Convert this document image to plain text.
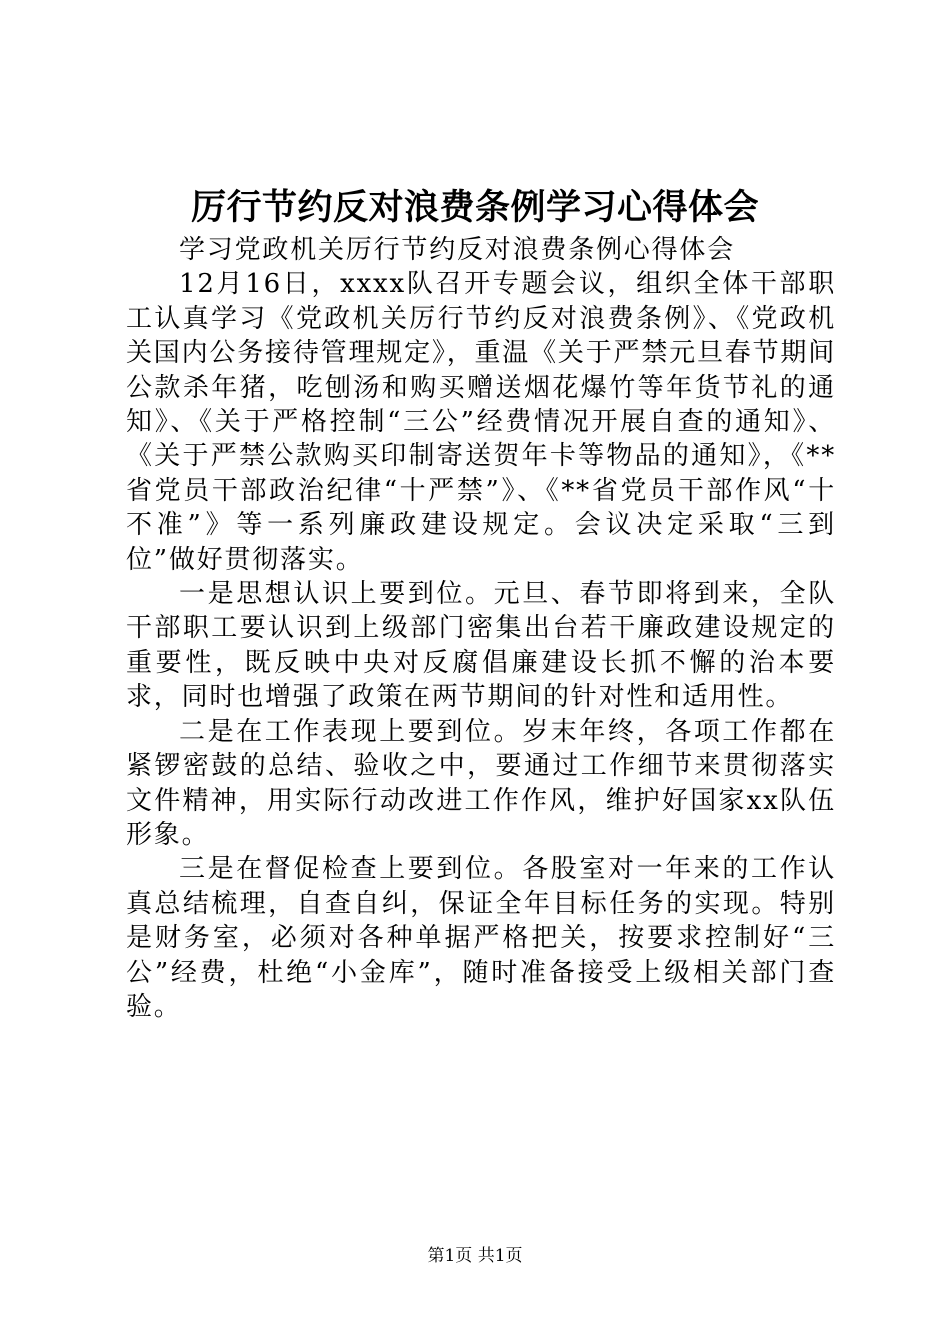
厉行节约反对浪费条例学习心得体会

学习党政机关厉行节约反对浪费条例心得体会

12月16日，xxxx队召开专题会议，组织全体干部职工认真学习《党政机关厉行节约反对浪费条例》、《党政机关国内公务接待管理规定》，重温《关于严禁元旦春节期间公款杀年猪，吃刨汤和购买赠送烟花爆竹等年货节礼的通知》、《关于严格控制“三公”经费情况开展自查的通知》、《关于严禁公款购买印制寄送贺年卡等物品的通知》，《**省党员干部政治纪律“十严禁”》、《**省党员干部作风“十不准”》等一系列廉政建设规定。会议决定采取“三到位”做好贯彻落实。

一是思想认识上要到位。元旦、春节即将到来，全队干部职工要认识到上级部门密集出台若干廉政建设规定的重要性，既反映中央对反腐倡廉建设长抓不懈的治本要求，同时也增强了政策在两节期间的针对性和适用性。

二是在工作表现上要到位。岁末年终，各项工作都在紧锣密鼓的总结、验收之中，要通过工作细节来贯彻落实文件精神，用实际行动改进工作作风，维护好国家xx队伍形象。

三是在督促检查上要到位。各股室对一年来的工作认真总结梳理，自查自纠，保证全年目标任务的实现。特别是财务室，必须对各种单据严格把关，按要求控制好“三公”经费，杜绝“小金库”，随时准备接受上级相关部门查验。

第1页 共1页
